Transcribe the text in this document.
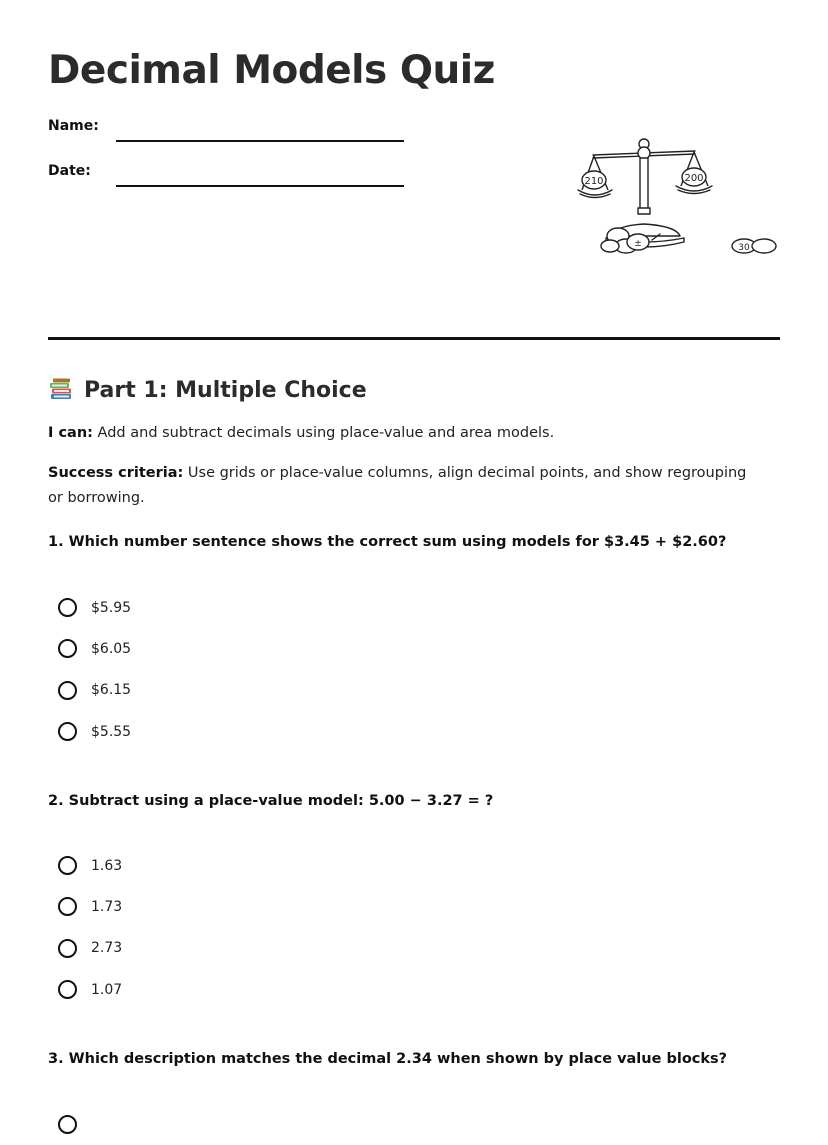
Decimal Models Quiz
Name:
Date:
210	200
±	30
Part 1: Multiple Choice

I can: Add and subtract decimals using place-value and area models.

Success criteria: Use grids or place-value columns, align decimal points, and show regrouping or borrowing.

1. Which number sentence shows the correct sum using models for $3.45 + $2.60?

$5.95
$6.05
$6.15
$5.55

2. Subtract using a place-value model: 5.00 − 3.27 = ?

1.63
1.73
2.73
1.07

3. Which description matches the decimal 2.34 when shown by place value blocks?
